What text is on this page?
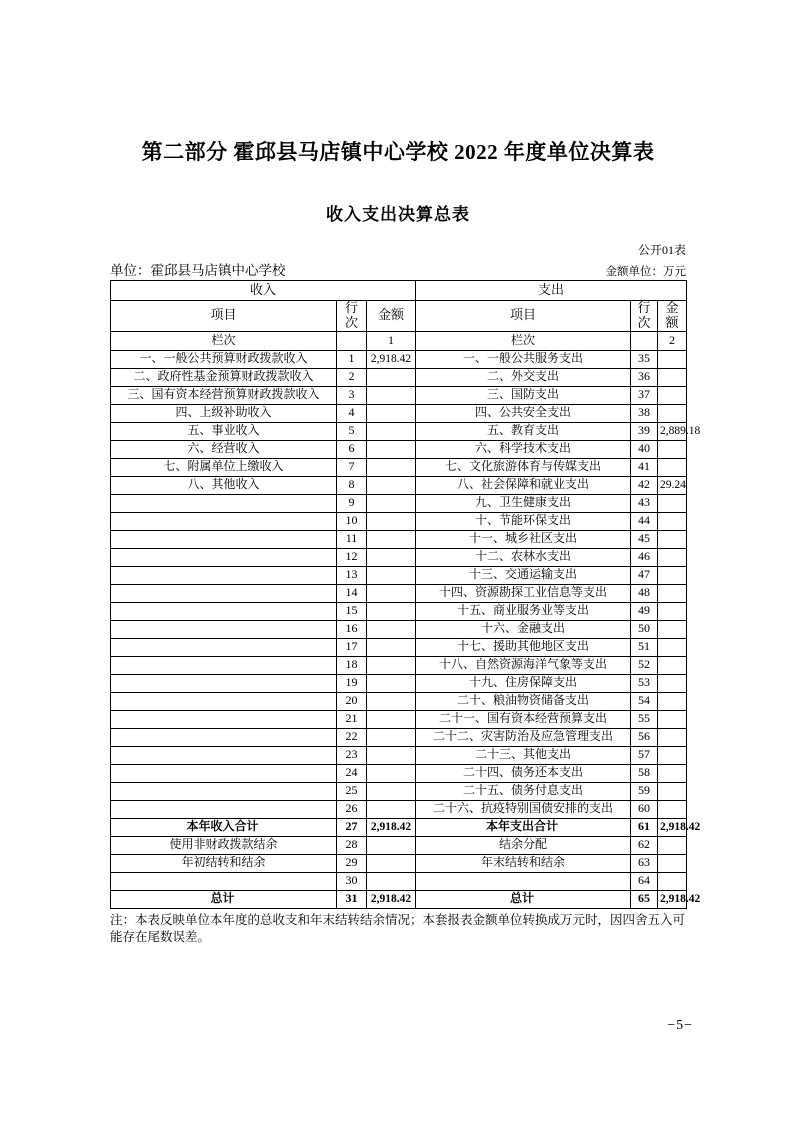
第二部分 霍邱县马店镇中心学校 2022 年度单位决算表
收入支出决算总表
公开01表
单位：霍邱县马店镇中心学校	金额单位：万元
收入			支出		
项目	行次	金额	项目	行次	金额
栏次		1	栏次		2
一、一般公共预算财政拨款收入	1	2,918.42	一、一般公共服务支出	35	
二、政府性基金预算财政拨款收入	2		二、外交支出	36	
三、国有资本经营预算财政拨款收入	3		三、国防支出	37	
四、上级补助收入	4		四、公共安全支出	38	
五、事业收入	5		五、教育支出	39	2,889.18
六、经营收入	6		六、科学技术支出	40	
七、附属单位上缴收入	7		七、文化旅游体育与传媒支出	41	
八、其他收入	8		八、社会保障和就业支出	42	29.24
	9		九、卫生健康支出	43	
	10		十、节能环保支出	44	
	11		十一、城乡社区支出	45	
	12		十二、农林水支出	46	
	13		十三、交通运输支出	47	
	14		十四、资源勘探工业信息等支出	48	
	15		十五、商业服务业等支出	49	
	16		十六、金融支出	50	
	17		十七、援助其他地区支出	51	
	18		十八、自然资源海洋气象等支出	52	
	19		十九、住房保障支出	53	
	20		二十、粮油物资储备支出	54	
	21		二十一、国有资本经营预算支出	55	
	22		二十二、灾害防治及应急管理支出	56	
	23		二十三、其他支出	57	
	24		二十四、债务还本支出	58	
	25		二十五、债务付息支出	59	
	26		二十六、抗疫特别国债安排的支出	60	
本年收入合计	27	2,918.42	本年支出合计	61	2,918.42
使用非财政拨款结余	28		结余分配	62	
年初结转和结余	29		年末结转和结余	63	
	30			64	
总计	31	2,918.42	总计	65	2,918.42

注：本表反映单位本年度的总收支和年末结转结余情况；本套报表金额单位转换成万元时，因四舍五入可能存在尾数误差。

−5−
